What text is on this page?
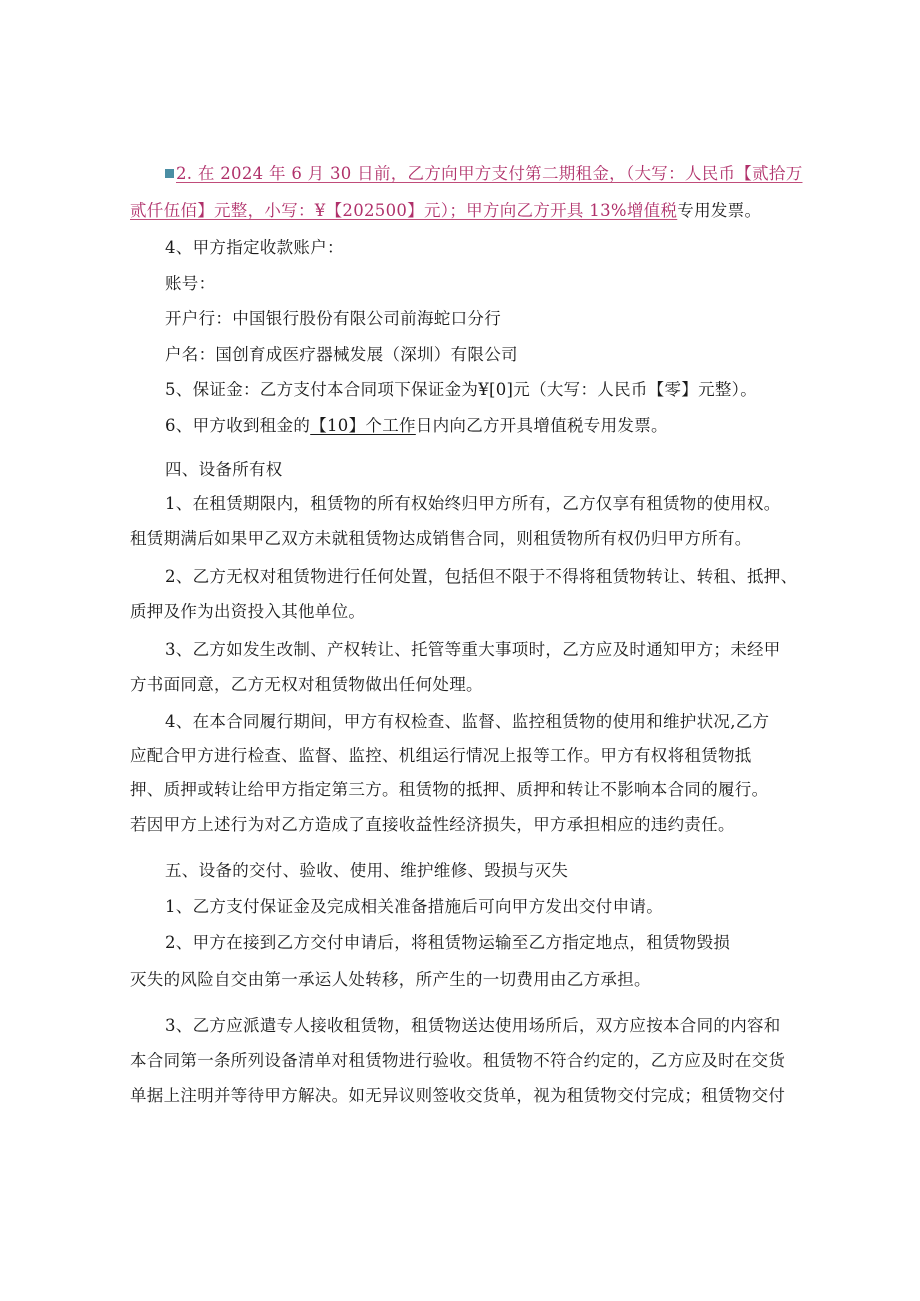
2. 在 2024 年 6 月 30 日前，乙方向甲方支付第二期租金，（大写：人民币【贰拾万
贰仟伍佰】元整，小写：¥【202500】元）；甲方向乙方开具 13%增值税专用发票。
4、甲方指定收款账户：
账号：
开户行：中国银行股份有限公司前海蛇口分行
户名：国创育成医疗器械发展（深圳）有限公司
5、保证金：乙方支付本合同项下保证金为¥[0]元（大写：人民币【零】元整）。
6、甲方收到租金的【10】个工作日内向乙方开具增值税专用发票。
四、设备所有权
1、在租赁期限内，租赁物的所有权始终归甲方所有，乙方仅享有租赁物的使用权。
租赁期满后如果甲乙双方未就租赁物达成销售合同，则租赁物所有权仍归甲方所有。
2、乙方无权对租赁物进行任何处置，包括但不限于不得将租赁物转让、转租、抵押、
质押及作为出资投入其他单位。
3、乙方如发生改制、产权转让、托管等重大事项时，乙方应及时通知甲方；未经甲
方书面同意，乙方无权对租赁物做出任何处理。
4、在本合同履行期间，甲方有权检查、监督、监控租赁物的使用和维护状况,乙方
应配合甲方进行检查、监督、监控、机组运行情况上报等工作。甲方有权将租赁物抵
押、质押或转让给甲方指定第三方。租赁物的抵押、质押和转让不影响本合同的履行。
若因甲方上述行为对乙方造成了直接收益性经济损失，甲方承担相应的违约责任。
五、设备的交付、验收、使用、维护维修、毁损与灭失
1、乙方支付保证金及完成相关准备措施后可向甲方发出交付申请。
2、甲方在接到乙方交付申请后，将租赁物运输至乙方指定地点，租赁物毁损
灭失的风险自交由第一承运人处转移，所产生的一切费用由乙方承担。
3、乙方应派遣专人接收租赁物，租赁物送达使用场所后，双方应按本合同的内容和
本合同第一条所列设备清单对租赁物进行验收。租赁物不符合约定的，乙方应及时在交货
单据上注明并等待甲方解决。如无异议则签收交货单，视为租赁物交付完成；租赁物交付
